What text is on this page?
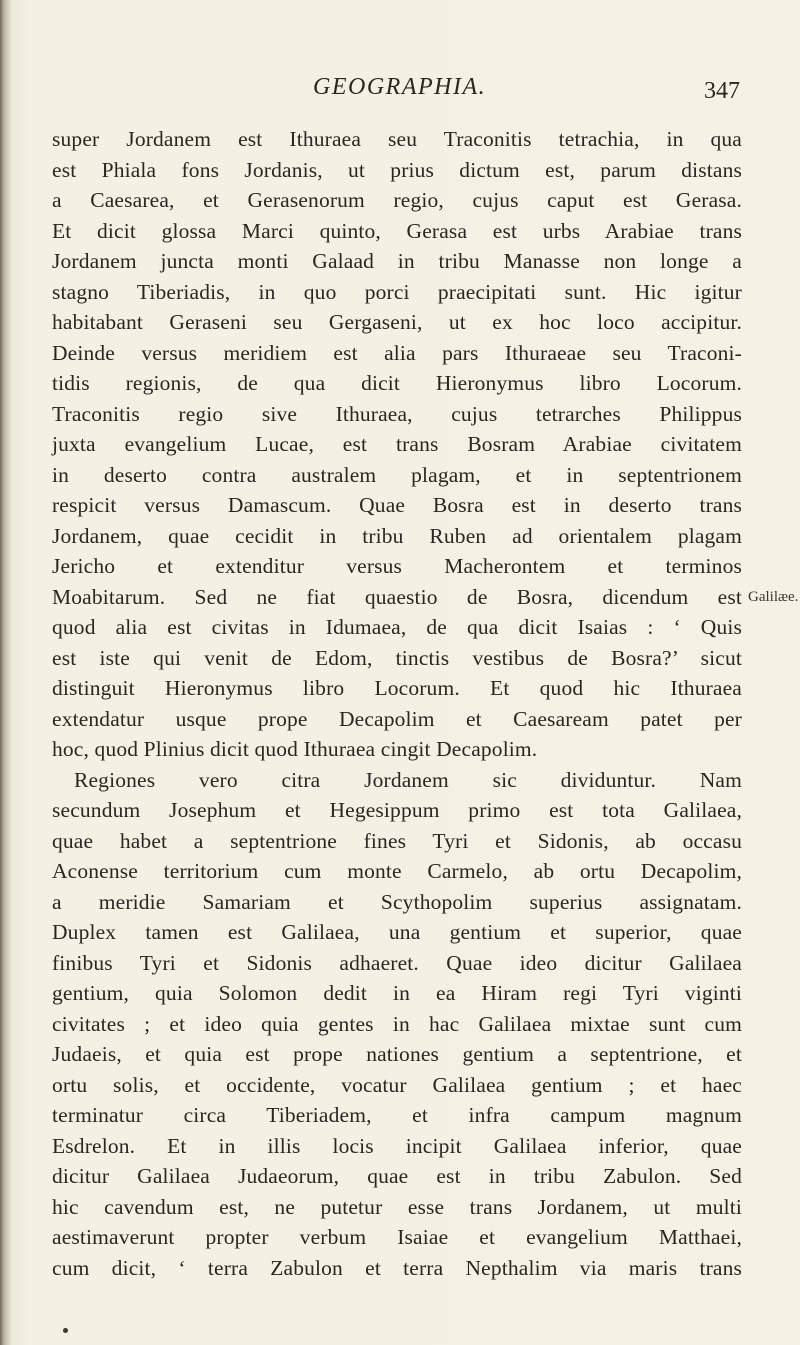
GEOGRAPHIA.	347
super Jordanem est Ithuraea seu Traconitis tetrachia, in qua
est Phiala fons Jordanis, ut prius dictum est, parum distans
a Caesarea, et Gerasenorum regio, cujus caput est Gerasa.
Et dicit glossa Marci quinto, Gerasa est urbs Arabiae trans
Jordanem juncta monti Galaad in tribu Manasse non longe a
stagno Tiberiadis, in quo porci praecipitati sunt. Hic igitur
habitabant Geraseni seu Gergaseni, ut ex hoc loco accipitur.
Deinde versus meridiem est alia pars Ithuraeae seu Traconi-
tidis regionis, de qua dicit Hieronymus libro Locorum.
Traconitis regio sive Ithuraea, cujus tetrarches Philippus
juxta evangelium Lucae, est trans Bosram Arabiae civitatem
in deserto contra australem plagam, et in septentrionem
respicit versus Damascum. Quae Bosra est in deserto trans
Jordanem, quae cecidit in tribu Ruben ad orientalem plagam
Jericho et extenditur versus Macherontem et terminos
Moabitarum. Sed ne fiat quaestio de Bosra, dicendum est
quod alia est civitas in Idumaea, de qua dicit Isaias : ‘ Quis
est iste qui venit de Edom, tinctis vestibus de Bosra?’ sicut
distinguit Hieronymus libro Locorum. Et quod hic Ithuraea
extendatur usque prope Decapolim et Caesaream patet per
hoc, quod Plinius dicit quod Ithuraea cingit Decapolim.
Regiones vero citra Jordanem sic dividuntur. Nam
secundum Josephum et Hegesippum primo est tota Galilaea,
quae habet a septentrione fines Tyri et Sidonis, ab occasu
Aconense territorium cum monte Carmelo, ab ortu Decapolim,
a meridie Samariam et Scythopolim superius assignatam.
Duplex tamen est Galilaea, una gentium et superior, quae
finibus Tyri et Sidonis adhaeret. Quae ideo dicitur Galilaea
gentium, quia Solomon dedit in ea Hiram regi Tyri viginti
civitates ; et ideo quia gentes in hac Galilaea mixtae sunt cum
Judaeis, et quia est prope nationes gentium a septentrione, et
ortu solis, et occidente, vocatur Galilaea gentium ; et haec
terminatur circa Tiberiadem, et infra campum magnum
Esdrelon. Et in illis locis incipit Galilaea inferior, quae
dicitur Galilaea Judaeorum, quae est in tribu Zabulon. Sed
hic cavendum est, ne putetur esse trans Jordanem, ut multi
aestimaverunt propter verbum Isaiae et evangelium Matthaei,
cum dicit, ‘ terra Zabulon et terra Nepthalim via maris trans
Galilæe.
